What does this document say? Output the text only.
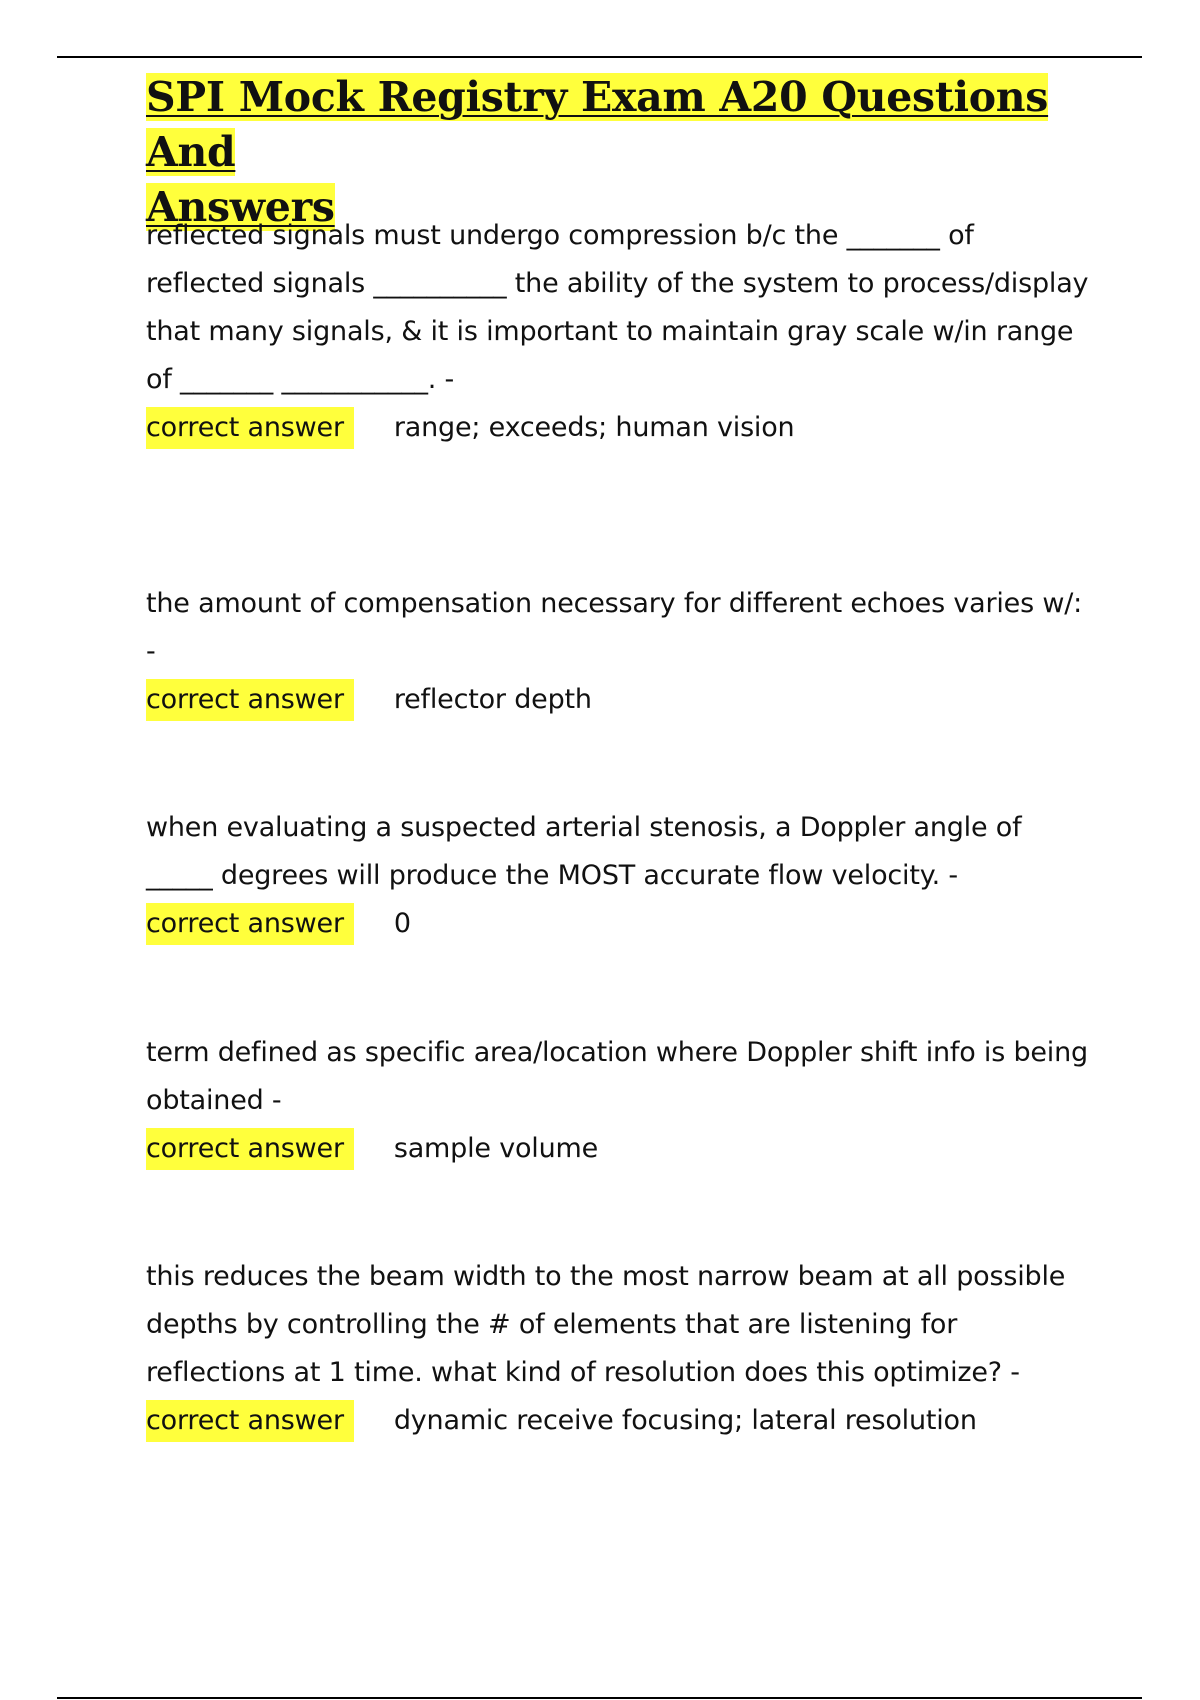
SPI Mock Registry Exam A20 Questions And
Answers

reflected signals must undergo compression b/c the _______ of reflected signals __________ the ability of the system to process/display that many signals, & it is important to maintain gray scale w/in range of _______ ___________. -

correct answer	range; exceeds; human vision

the amount of compensation necessary for different echoes varies w/: -

correct answer	reflector depth

when evaluating a suspected arterial stenosis, a Doppler angle of _____ degrees will produce the MOST accurate flow velocity. -

correct answer	0

term defined as specific area/location where Doppler shift info is being obtained -

correct answer	sample volume

this reduces the beam width to the most narrow beam at all possible depths by controlling the # of elements that are listening for reflections at 1 time. what kind of resolution does this optimize? -

correct answer	dynamic receive focusing; lateral resolution
